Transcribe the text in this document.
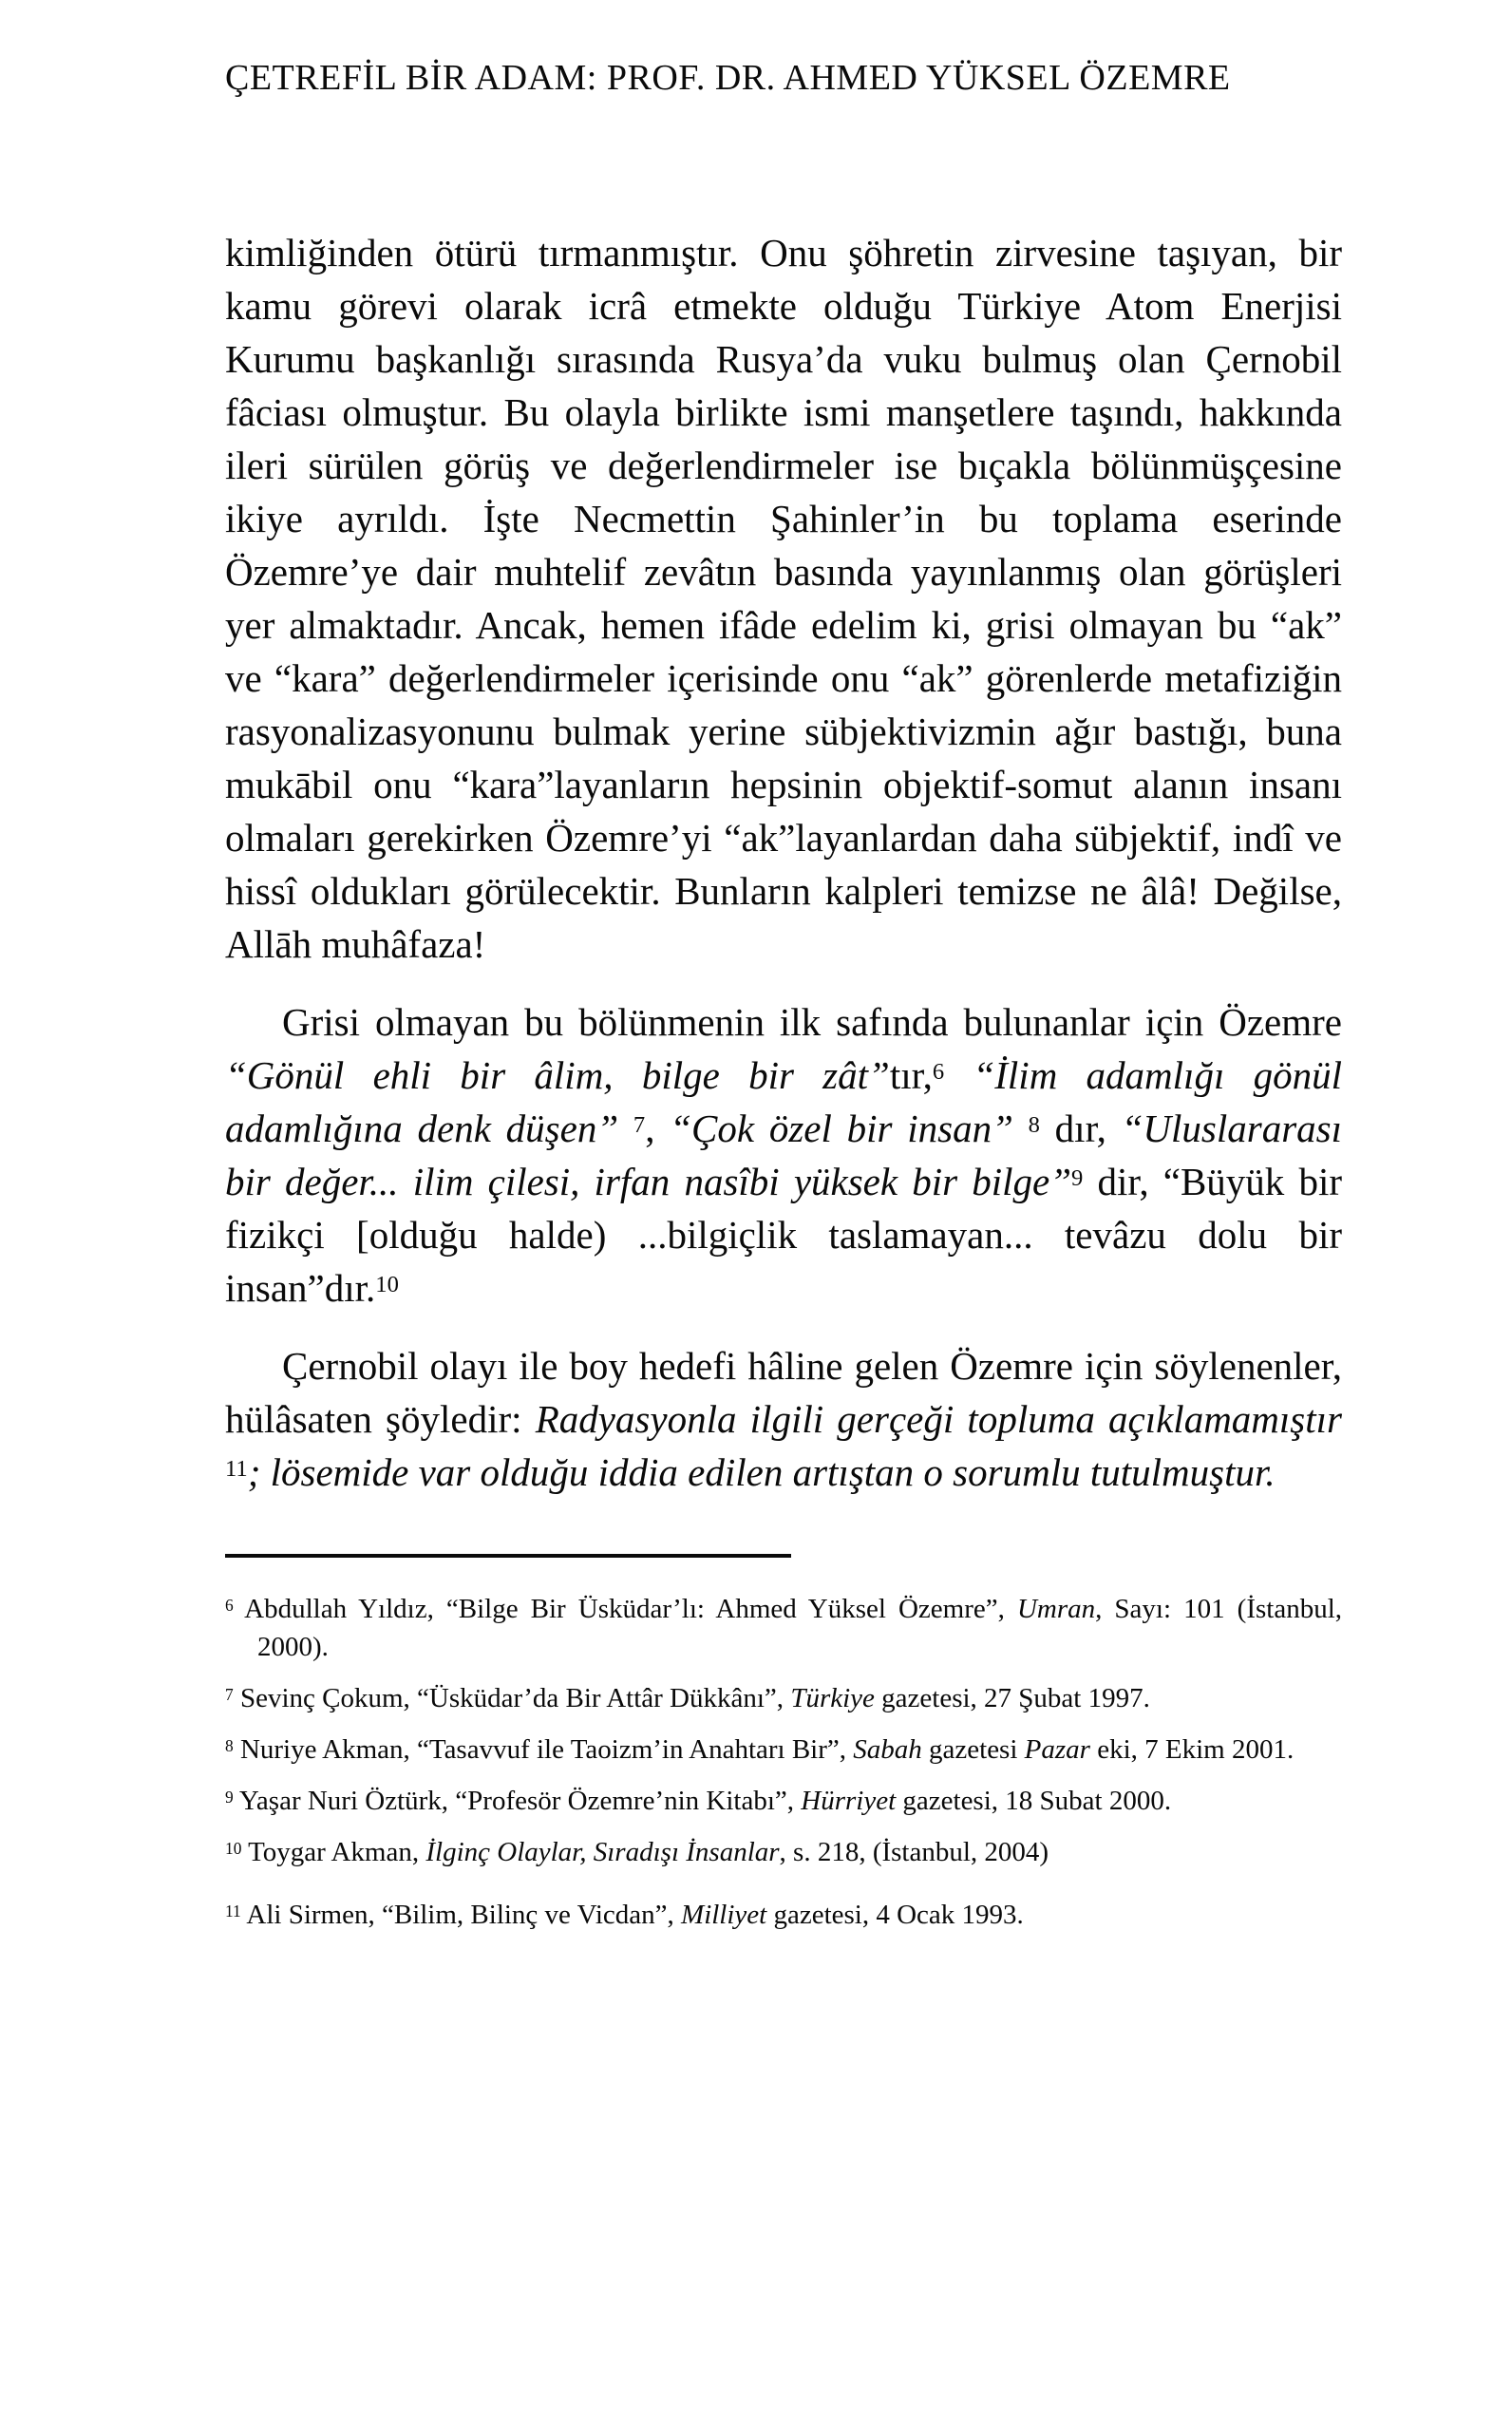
ÇETREFİL BİR ADAM: PROF. DR. AHMED YÜKSEL ÖZEMRE

kimliğinden ötürü tırmanmıştır. Onu şöhretin zirvesine taşıyan, bir kamu görevi olarak icrâ etmekte olduğu Türkiye Atom Enerjisi Kurumu başkanlığı sırasında Rusya’da vuku bulmuş olan Çernobil fâciası olmuştur. Bu olayla birlikte ismi manşetlere taşındı, hakkında ileri sürülen görüş ve değerlendirmeler ise bıçakla bölünmüşçesine ikiye ayrıldı. İşte Necmettin Şahinler’in bu toplama eserinde Özemre’ye dair muhtelif zevâtın basında yayınlanmış olan görüşleri yer almaktadır. Ancak, hemen ifâde edelim ki, grisi olmayan bu “ak” ve “kara” değerlendirmeler içerisinde onu “ak” görenlerde metafiziğin rasyonalizasyonunu bulmak yerine sübjektivizmin ağır bastığı, buna mukābil onu “kara”layanların hepsinin objektif-somut alanın insanı olmaları gerekirken Özemre’yi “ak”layanlardan daha sübjektif, indî ve hissî oldukları görülecektir. Bunların kalpleri temizse ne âlâ! Değilse, Allāh muhâfaza!

Grisi olmayan bu bölünmenin ilk safında bulunanlar için Özemre “Gönül ehli bir âlim, bilge bir zât”tır,$^6$ “İlim adamlığı gönül adamlığına denk düşen” $^7$, “Çok özel bir insan” $^8$ dır, “Uluslararası bir değer... ilim çilesi, irfan nasîbi yüksek bir bilge”$^9$ dir, “Büyük bir fizikçi [olduğu halde) ...bilgiçlik taslamayan... tevâzu dolu bir insan”dır.$^{10}$

Çernobil olayı ile boy hedefi hâline gelen Özemre için söylenenler, hülâsaten şöyledir: Radyasyonla ilgili gerçeği topluma açıklamamıştır $^{11}$; lösemide var olduğu iddia edilen artıştan o sorumlu tutulmuştur.

$^6$ Abdullah Yıldız, “Bilge Bir Üsküdar’lı: Ahmed Yüksel Özemre”, Umran, Sayı: 101 (İstanbul, 2000).

$^7$ Sevinç Çokum, “Üsküdar’da Bir Attâr Dükkânı”, Türkiye gazetesi, 27 Şubat 1997.

$^8$ Nuriye Akman, “Tasavvuf ile Taoizm’in Anahtarı Bir”, Sabah gazetesi Pazar eki, 7 Ekim 2001.

$^9$ Yaşar Nuri Öztürk, “Profesör Özemre’nin Kitabı”, Hürriyet gazetesi, 18 Subat 2000.

$^{10}$ Toygar Akman, İlginç Olaylar, Sıradışı İnsanlar, s. 218, (İstanbul, 2004)

$^{11}$ Ali Sirmen, “Bilim, Bilinç ve Vicdan”, Milliyet gazetesi, 4 Ocak 1993.
